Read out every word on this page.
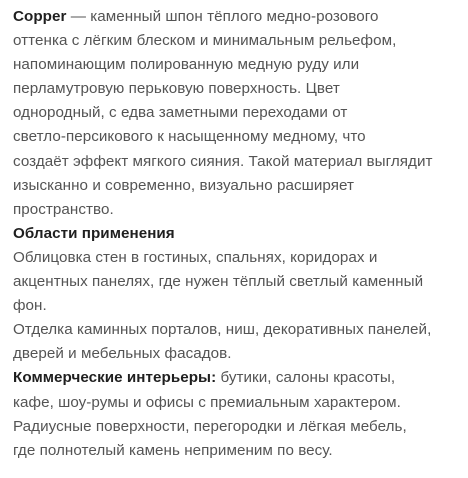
Copper — каменный шпон тёплого медно-розового
оттенка с лёгким блеском и минимальным рельефом,
напоминающим полированную медную руду или
перламутровую перьковую поверхность. Цвет
однородный, с едва заметными переходами от
светло-персикового к насыщенному медному, что
создаёт эффект мягкого сияния. Такой материал выглядит
изысканно и современно, визуально расширяет
пространство.
Области применения
Облицовка стен в гостиных, спальнях, коридорах и
акцентных панелях, где нужен тёплый светлый каменный
фон.
Отделка каминных порталов, ниш, декоративных панелей,
дверей и мебельных фасадов.
Коммерческие интерьеры: бутики, салоны красоты,
кафе, шоу-румы и офисы с премиальным характером.
Радиусные поверхности, перегородки и лёгкая мебель,
где полнотелый камень неприменим по весу.
